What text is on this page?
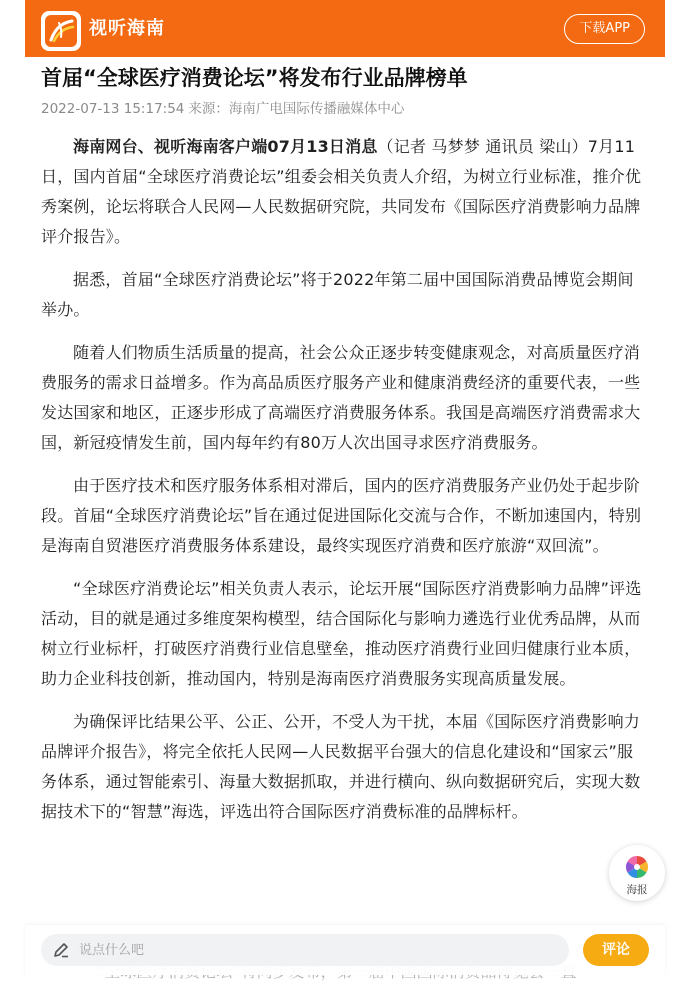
视听海南	下载APP
首届“全球医疗消费论坛”将发布行业品牌榜单
2022-07-13 15:17:54 来源：海南广电国际传播融媒体中心

海南网台、视听海南客户端07月13日消息（记者 马梦梦 通讯员 梁山）7月11日，国内首届“全球医疗消费论坛”组委会相关负责人介绍，为树立行业标准，推介优秀案例，论坛将联合人民网—人民数据研究院，共同发布《国际医疗消费影响力品牌评介报告》。

据悉，首届“全球医疗消费论坛”将于2022年第二届中国国际消费品博览会期间举办。

随着人们物质生活质量的提高，社会公众正逐步转变健康观念，对高质量医疗消费服务的需求日益增多。作为高品质医疗服务产业和健康消费经济的重要代表，一些发达国家和地区，正逐步形成了高端医疗消费服务体系。我国是高端医疗消费需求大国，新冠疫情发生前，国内每年约有80万人次出国寻求医疗消费服务。

由于医疗技术和医疗服务体系相对滞后，国内的医疗消费服务产业仍处于起步阶段。首届“全球医疗消费论坛”旨在通过促进国际化交流与合作，不断加速国内，特别是海南自贸港医疗消费服务体系建设，最终实现医疗消费和医疗旅游“双回流”。

“全球医疗消费论坛”相关负责人表示，论坛开展“国际医疗消费影响力品牌”评选活动，目的就是通过多维度架构模型，结合国际化与影响力遴选行业优秀品牌，从而树立行业标杆，打破医疗消费行业信息壁垒，推动医疗消费行业回归健康行业本质，助力企业科技创新，推动国内，特别是海南医疗消费服务实现高质量发展。

为确保评比结果公平、公正、公开，不受人为干扰，本届《国际医疗消费影响力品牌评介报告》，将完全依托人民网—人民数据平台强大的信息化建设和“国家云”服务体系，通过智能索引、海量大数据抓取，并进行横向、纵向数据研究后，实现大数据技术下的“智慧”海选，评选出符合国际医疗消费标准的品牌标杆。

海报
说点什么吧
评论
